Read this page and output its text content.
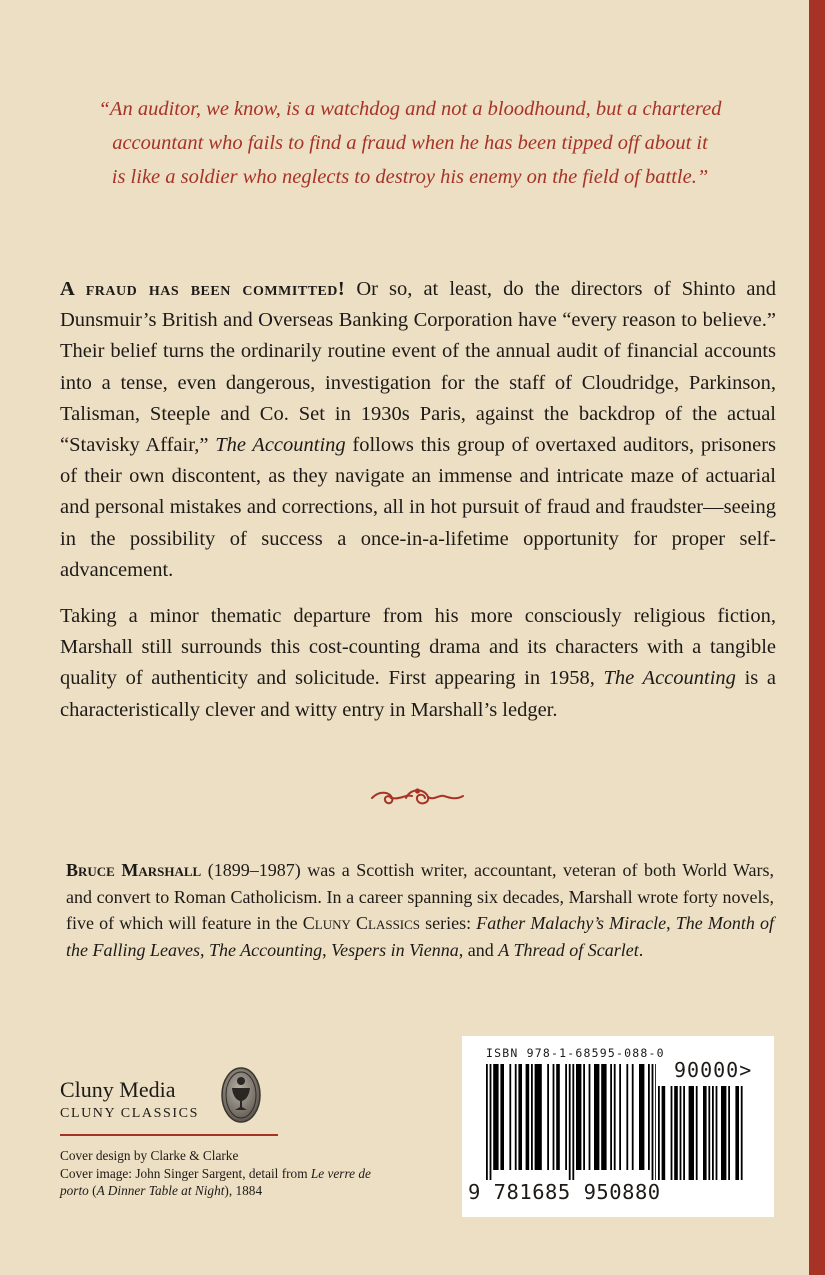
“An auditor, we know, is a watchdog and not a bloodhound, but a chartered

accountant who fails to find a fraud when he has been tipped off about it

is like a soldier who neglects to destroy his enemy on the field of battle.”

A fraud has been committed! Or so, at least, do the directors of Shinto and Dunsmuir’s British and Overseas Banking Corporation have “every reason to believe.” Their belief turns the ordinarily routine event of the annual audit of financial accounts into a tense, even dangerous, investigation for the staff of Cloudridge, Parkinson, Talisman, Steeple and Co. Set in 1930s Paris, against the backdrop of the actual “Stavisky Affair,” The Accounting follows this group of overtaxed auditors, prisoners of their own discontent, as they navigate an immense and intricate maze of actuarial and personal mistakes and corrections, all in hot pursuit of fraud and fraudster—seeing in the possibility of success a once-in-a-lifetime opportunity for proper self-advancement.

Taking a minor thematic departure from his more consciously religious fiction, Marshall still surrounds this cost-counting drama and its characters with a tangible quality of authenticity and solicitude. First appearing in 1958, The Accounting is a characteristically clever and witty entry in Marshall’s ledger.

Bruce Marshall (1899–1987) was a Scottish writer, accountant, veteran of both World Wars, and convert to Roman Catholicism. In a career spanning six decades, Marshall wrote forty novels, five of which will feature in the Cluny Classics series: Father Malachy’s Miracle, The Month of the Falling Leaves, The Accounting, Vespers in Vienna, and A Thread of Scarlet.

Cluny Media
CLUNY CLASSICS

Cover design by Clarke & Clarke

Cover image: John Singer Sargent, detail from Le verre de porto (A Dinner Table at Night), 1884

ISBN 978-1-68595-088-0
90000>
9 781685 950880
